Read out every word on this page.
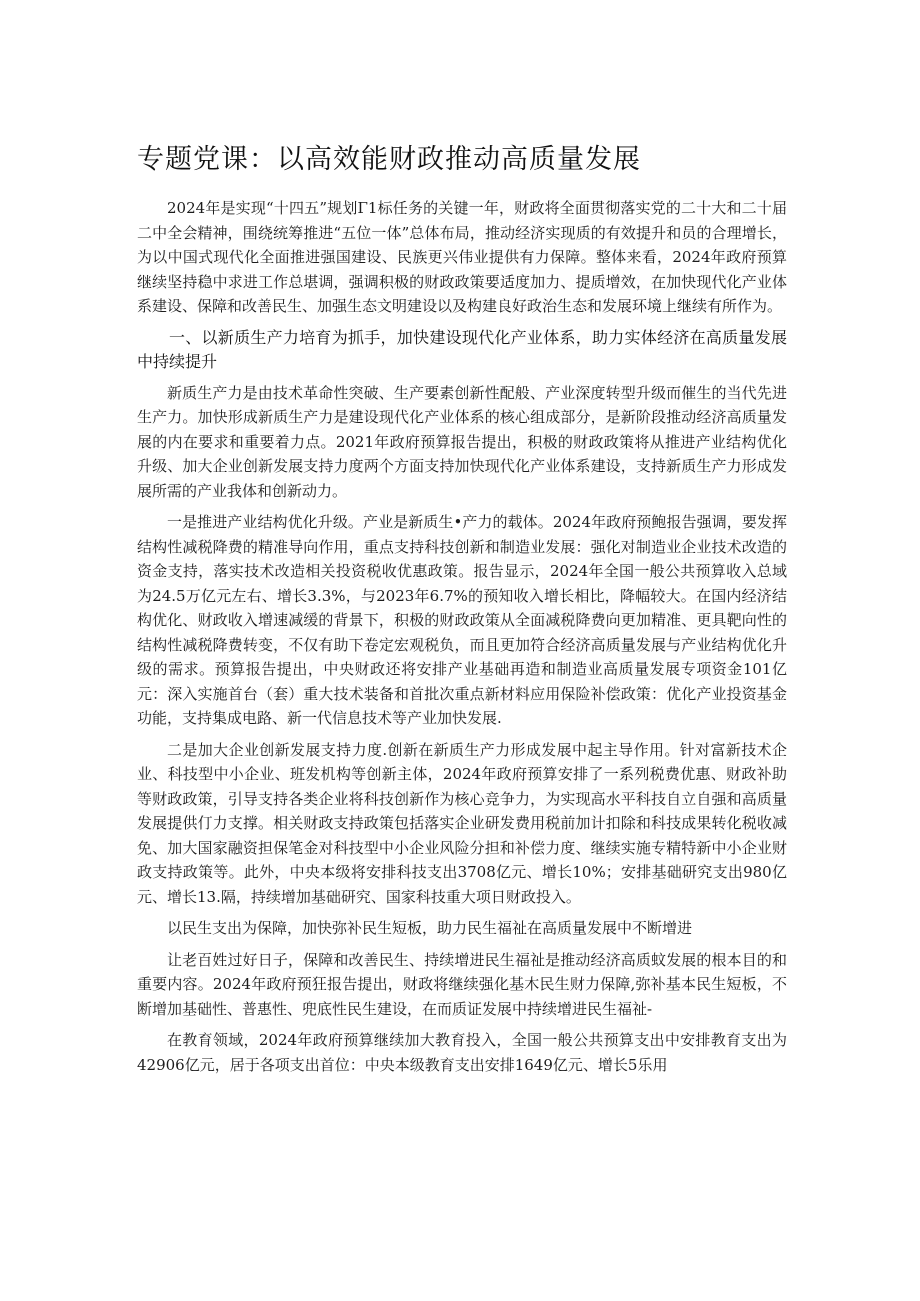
专题党课：以高效能财政推动高质量发展

2024年是实现“十四五”规划Γ1标任务的关键一年，财政将全面贯彻落实党的二十大和二十届二中全会精神，围绕统筹推进“五位一体”总体布局，推动经济实现质的有效提升和员的合理增长，为以中国式现代化全面推进强国建设、民族更兴伟业提供有力保障。整体来看，2024年政府预算继续坚持稳中求进工作总堪调，强调积极的财政政策要适度加力、提质增效，在加快现代化产业体系建设、保障和改善民生、加强生态文明建设以及构建良好政治生态和发展环境上继续有所作为。

一、以新质生产力培育为抓手，加快建设现代化产业体系，助力实体经济在高质量发展中持续提升

新质生产力是由技术革命性突破、生产要素创新性配般、产业深度转型升级而催生的当代先进生产力。加快形成新质生产力是建设现代化产业体系的核心组成部分，是新阶段推动经济高质量发展的内在要求和重要着力点。2021年政府预算报告提出，积极的财政政策将从推进产业结构优化升级、加大企业创新发展支持力度两个方面支持加快现代化产业体系建设，支持新质生产力形成发展所需的产业我体和创新动力。

一是推进产业结构优化升级。产业是新质生•产力的载体。2024年政府预鲍报告强调，要发挥结构性减税降费的精准导向作用，重点支持科技创新和制造业发展：强化对制造业企业技术改造的资金支持，落实技术改造相关投资税收优惠政策。报告显示，2024年全国一般公共预算收入总域为24.5万亿元左右、增长3.3%，与2023年6.7%的预知收入增长相比，降幅较大。在国内经济结构优化、财政收入增速减缓的背景下，积极的财政政策从全面减税降费向更加精准、更具靶向性的结构性减税降费转变，不仅有助下卷定宏观税负，而且更加符合经济高质量发展与产业结构优化升级的需求。预算报告提出，中央财政还将安排产业基础再造和制造业高质量发展专项资金101亿元：深入实施首台（套）重大技术装备和首批次重点新材料应用保险补偿政策：优化产业投资基金功能，支持集成电路、新一代信息技术等产业加快发展.

二是加大企业创新发展支持力度.创新在新质生产力形成发展中起主导作用。针对富新技术企业、科技型中小企业、班发机构等创新主体，2024年政府预算安排了一系列税费优惠、财政补助等财政政策，引导支持各类企业将科技创新作为核心竞争力，为实现高水平科技自立自强和高质量发展提供仃力支撑。相关财政支持政策包括落实企业研发费用税前加计扣除和科技成果转化税收减免、加大国家融资担保笔金对科技型中小企业风险分担和补偿力度、继续实施专精特新中小企业财政支持政策等。此外，中央本级将安排科技支出3708亿元、增长10%；安排基础研究支出980亿元、增长13.隔，持续增加基础研究、国家科技重大项日财政投入。

以民生支出为保障，加快弥补民生短板，助力民生福祉在高质量发展中不断增进

让老百姓过好日子，保障和改善民生、持续增进民生福祉是推动经济高质蚊发展的根本目的和重要内容。2024年政府预狂报告提出，财政将继续强化基木民生财力保障,弥补基本民生短板，不断增加基础性、普惠性、兜底性民生建设，在而质证发展中持续增进民生福祉-

在教育领域，2024年政府预算继续加大教育投入，全国一般公共预算支出中安排教育支出为42906亿元，居于各项支出首位：中央本级教育支出安排1649亿元、增长5乐用
